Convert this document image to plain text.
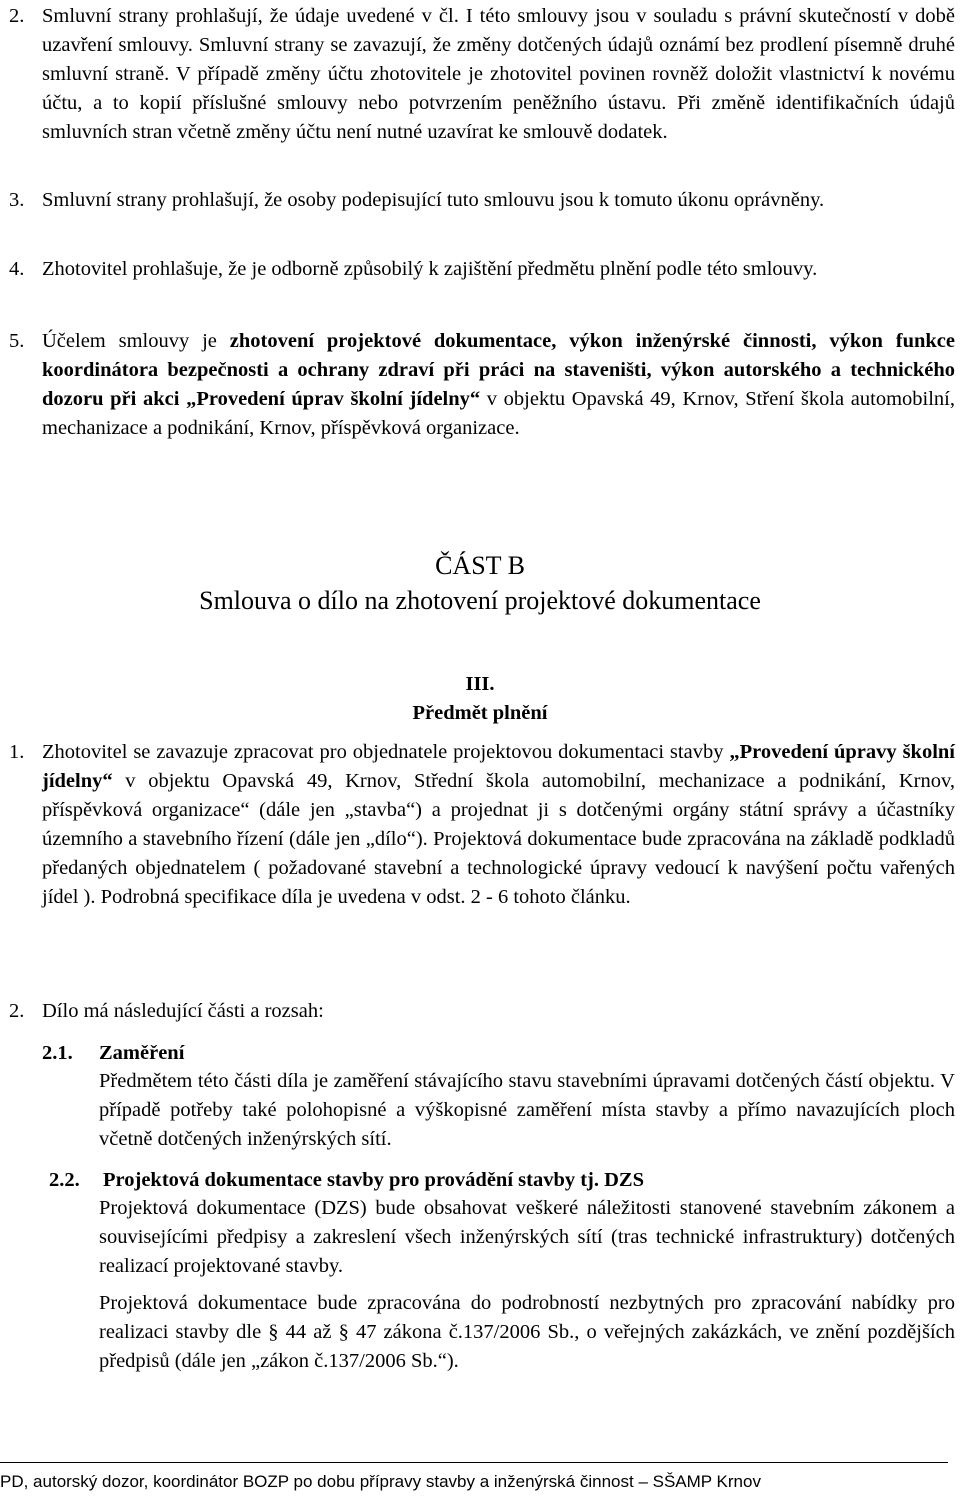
2. Smluvní strany prohlašují, že údaje uvedené v čl. I této smlouvy jsou v souladu s právní skutečností v době uzavření smlouvy. Smluvní strany se zavazují, že změny dotčených údajů oznámí bez prodlení písemně druhé smluvní straně. V případě změny účtu zhotovitele je zhotovitel povinen rovněž doložit vlastnictví k novému účtu, a to kopií příslušné smlouvy nebo potvrzením peněžního ústavu. Při změně identifikačních údajů smluvních stran včetně změny účtu není nutné uzavírat ke smlouvě dodatek.
3. Smluvní strany prohlašují, že osoby podepisující tuto smlouvu jsou k tomuto úkonu oprávněny.
4. Zhotovitel prohlašuje, že je odborně způsobilý k zajištění předmětu plnění podle této smlouvy.
5. Účelem smlouvy je zhotovení projektové dokumentace, výkon inženýrské činnosti, výkon funkce koordinátora bezpečnosti a ochrany zdraví při práci na staveništi, výkon autorského a technického dozoru při akci „Provedení úprav školní jídelny“ v objektu Opavská 49, Krnov, Stření škola automobilní, mechanizace a podnikání, Krnov, příspěvková organizace.
ČÁST B
Smlouva o dílo na zhotovení projektové dokumentace
III.
Předmět plnění
1. Zhotovitel se zavazuje zpracovat pro objednatele projektovou dokumentaci stavby „Provedení úpravy školní jídelny“ v objektu Opavská 49, Krnov, Střední škola automobilní, mechanizace a podnikání, Krnov, příspěvková organizace“ (dále jen „stavba“) a projednat ji s dotčenými orgány státní správy a účastníky územního a stavebního řízení (dále jen „dílo“). Projektová dokumentace bude zpracována na základě podkladů předaných objednatelem ( požadované stavební a technologické úpravy vedoucí k navýšení počtu vařených jídel ). Podrobná specifikace díla je uvedena v odst. 2 - 6 tohoto článku.
2. Dílo má následující části a rozsah:
2.1. Zaměření
Předmětem této části díla je zaměření stávajícího stavu stavebními úpravami dotčených částí objektu. V případě potřeby také polohopisné a výškopisné zaměření místa stavby a přímo navazujících ploch včetně dotčených inženýrských sítí.
2.2. Projektová dokumentace stavby pro provádění stavby tj. DZS
Projektová dokumentace (DZS) bude obsahovat veškeré náležitosti stanovené stavebním zákonem a souvisejícími předpisy a zakreslení všech inženýrských sítí (tras technické infrastruktury) dotčených realizací projektované stavby.
Projektová dokumentace bude zpracována do podrobností nezbytných pro zpracování nabídky pro realizaci stavby dle § 44 až § 47 zákona č.137/2006 Sb., o veřejných zakázkách, ve znění pozdějších předpisů (dále jen „zákon č.137/2006 Sb.“).
PD, autorský dozor, koordinátor BOZP po dobu přípravy stavby a inženýrská činnost – SŠAMP Krnov
